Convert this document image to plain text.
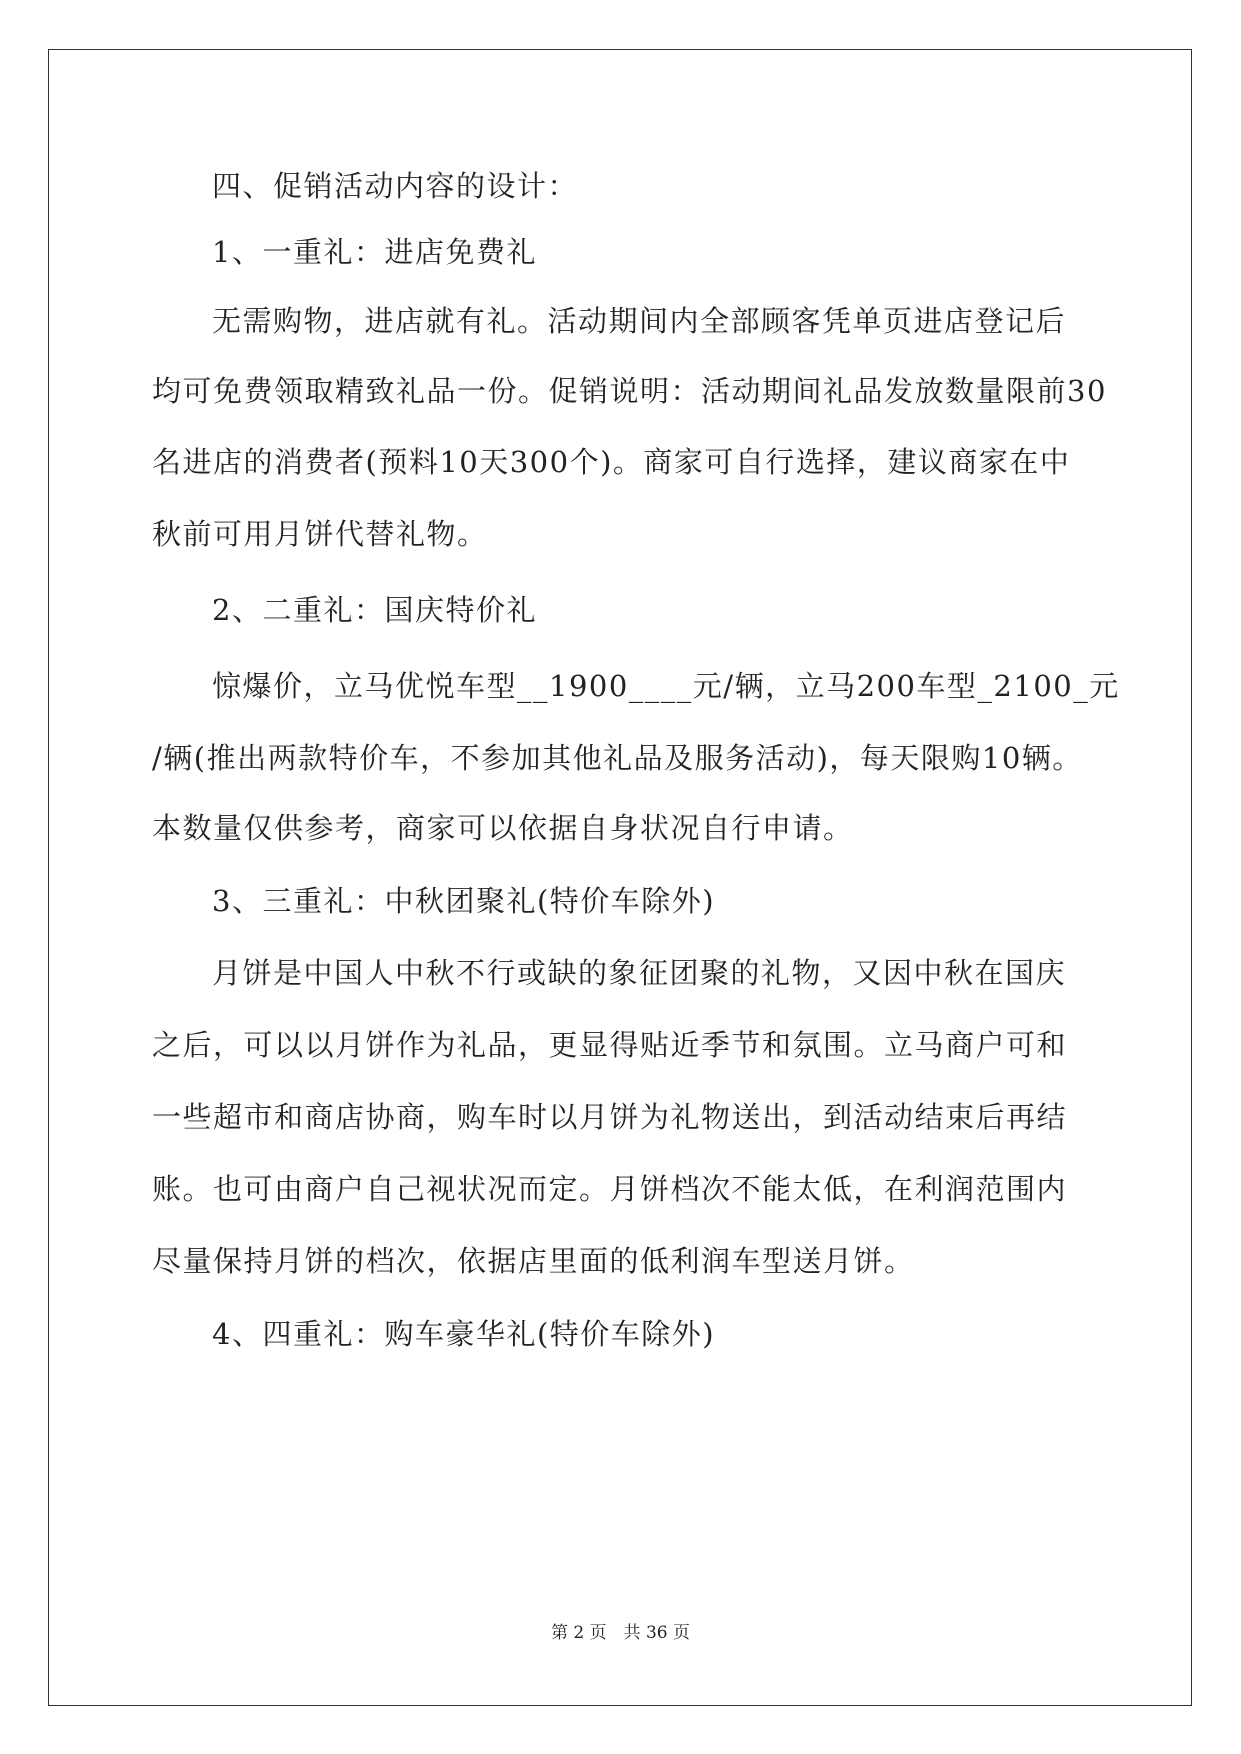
四、促销活动内容的设计：
1、一重礼：进店免费礼
无需购物，进店就有礼。活动期间内全部顾客凭单页进店登记后
均可免费领取精致礼品一份。促销说明：活动期间礼品发放数量限前30
名进店的消费者(预料10天300个)。商家可自行选择，建议商家在中
秋前可用月饼代替礼物。
2、二重礼：国庆特价礼
惊爆价，立马优悦车型__1900____元/辆，立马200车型_2100_元
/辆(推出两款特价车，不参加其他礼品及服务活动)，每天限购10辆。
本数量仅供参考，商家可以依据自身状况自行申请。
3、三重礼：中秋团聚礼(特价车除外)
月饼是中国人中秋不行或缺的象征团聚的礼物，又因中秋在国庆
之后，可以以月饼作为礼品，更显得贴近季节和氛围。立马商户可和
一些超市和商店协商，购车时以月饼为礼物送出，到活动结束后再结
账。也可由商户自己视状况而定。月饼档次不能太低，在利润范围内
尽量保持月饼的档次，依据店里面的低利润车型送月饼。
4、四重礼：购车豪华礼(特价车除外)
第 2 页　共 36 页
